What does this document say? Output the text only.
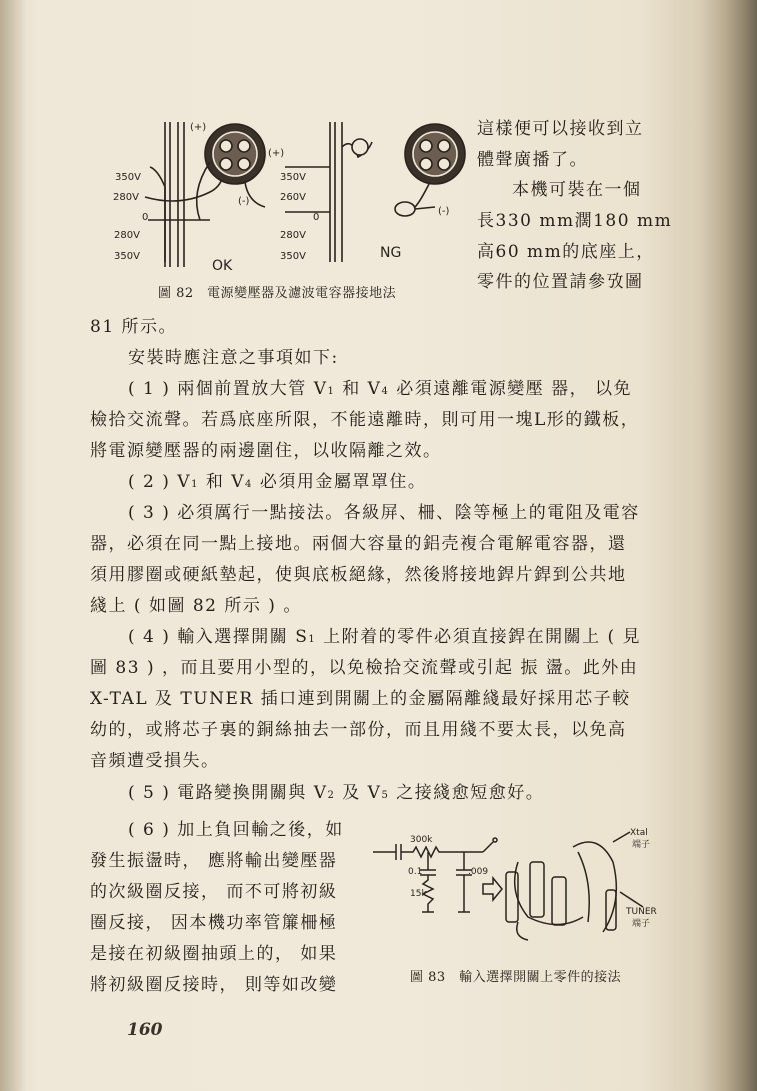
350V
280V
0
280V
350V
350V
260V
0
280V
350V
(+)
(+)
(-)
(-)
OK
NG
圖 82　電源變壓器及濾波電容器接地法
這樣便可以接收到立
體聲廣播了。
本機可裝在一個
長330 mm濶180 mm
高60 mm的底座上，
零件的位置請參攷圖
81 所示。
安裝時應注意之事項如下:
( 1 ) 兩個前置放大管 V1 和 V4 必須遠離電源變壓 器， 以免
檢拾交流聲。若爲底座所限，不能遠離時，則可用一塊L形的鐵板，
將電源變壓器的兩邊圍住，以收隔離之效。
( 2 ) V1 和 V4 必須用金屬罩罩住。
( 3 ) 必須厲行一點接法。各級屏、柵、陰等極上的電阻及電容
器，必須在同一點上接地。兩個大容量的鋁壳複合電解電容器，還
須用膠圈或硬紙墊起，使與底板絕緣，然後將接地銲片銲到公共地
綫上 ( 如圖 82 所示 ) 。
( 4 ) 輸入選擇開關 S1 上附着的零件必須直接銲在開關上 ( 見
圖 83 ) ，而且要用小型的，以免檢拾交流聲或引起 振 盪。此外由
X-TAL 及 TUNER 插口連到開關上的金屬隔離綫最好採用芯子較
幼的，或將芯子裏的銅絲抽去一部份，而且用綫不要太長，以免高
音頻遭受損失。
( 5 ) 電路變換開關與 V2 及 V5 之接綫愈短愈好。
( 6 ) 加上負回輸之後，如
發生振盪時， 應將輸出變壓器
的次級圈反接， 而不可將初級
圈反接， 因本機功率管簾柵極
是接在初級圈抽頭上的， 如果
將初級圈反接時， 則等如改變
300k
0.1	.009
15k
Xtal
端子
TUNER
端子
圖 83　輸入選擇開關上零件的接法
160
